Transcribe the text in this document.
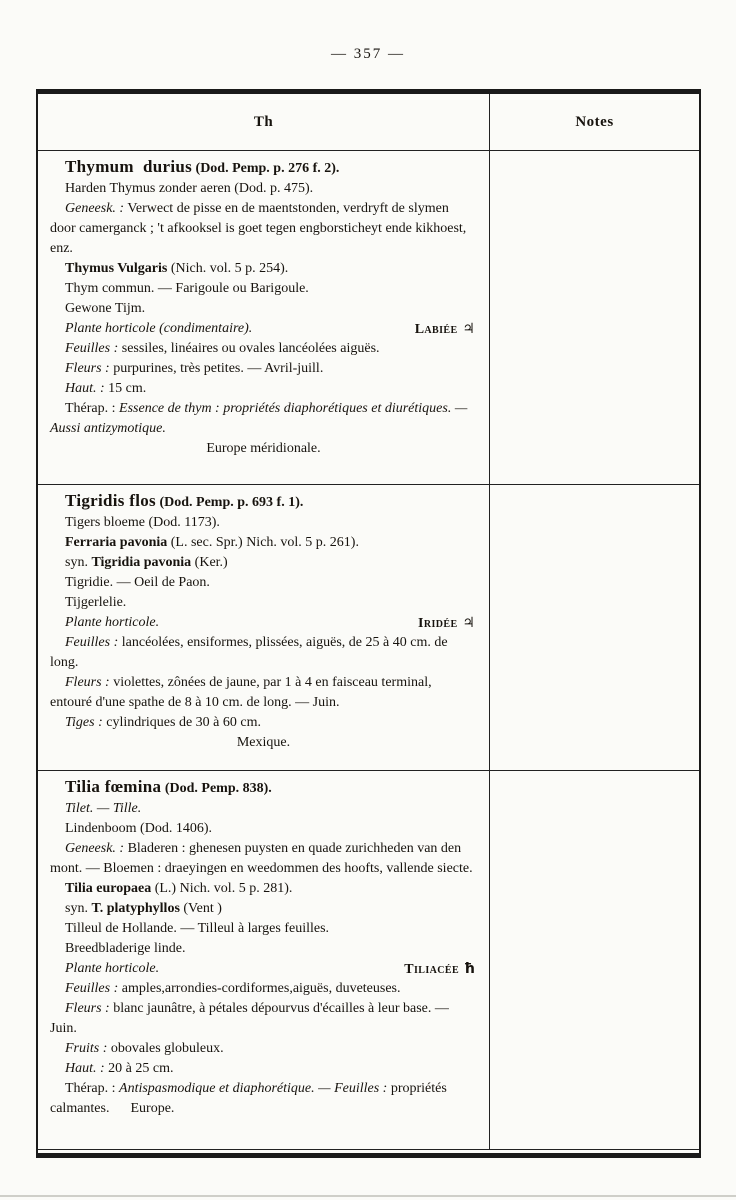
— 357 —
Th	Notes

Thymum  durius (Dod. Pemp. p. 276 f. 2).

Harden Thymus zonder aeren (Dod. p. 475).

Geneesk. : Verwect de pisse en de maentstonden, verdryft de slymen door camerganck ; 't afkooksel is goet tegen engborsticheyt ende kikhoest, enz.

Thymus Vulgaris (Nich. vol. 5 p. 254).

Thym commun. — Farigoule ou Barigoule.

Gewone Tijm.

Plante horticole (condimentaire).	Labiée ♃

Feuilles : sessiles, linéaires ou ovales lancéolées aiguës.

Fleurs : purpurines, très petites. — Avril-juill.

Haut. : 15 cm.

Thérap. : Essence de thym : propriétés diaphorétiques et diurétiques. — Aussi antizymotique.

Europe méridionale.

Tigridis flos (Dod. Pemp. p. 693 f. 1).

Tigers bloeme (Dod. 1173).

Ferraria pavonia (L. sec. Spr.) Nich. vol. 5 p. 261).

syn. Tigridia pavonia (Ker.)

Tigridie. — Oeil de Paon.

Tijgerlelie.

Plante horticole.	Iridée ♃

Feuilles : lancéolées, ensiformes, plissées, aiguës, de 25 à 40 cm. de long.

Fleurs : violettes, zônées de jaune, par 1 à 4 en faisceau terminal, entouré d'une spathe de 8 à 10 cm. de long. — Juin.

Tiges : cylindriques de 30 à 60 cm.

Mexique.

Tilia fœmina (Dod. Pemp. 838).

Tilet. — Tille.

Lindenboom (Dod. 1406).

Geneesk. : Bladeren : ghenesen puysten en quade zurichheden van den mont. — Bloemen : draeyingen en weedommen des hoofts, vallende siecte.

Tilia europaea (L.) Nich. vol. 5 p. 281).

syn. T. platyphyllos (Vent )

Tilleul de Hollande. — Tilleul à larges feuilles.

Breedbladerige linde.

Plante horticole.	Tiliacée ħ

Feuilles : amples,arrondies-cordiformes,aiguës, duveteuses.

Fleurs : blanc jaunâtre, à pétales dépourvus d'écailles à leur base. — Juin.

Fruits : obovales globuleux.

Haut. : 20 à 25 cm.

Thérap. : Antispasmodique et diaphorétique. — Feuilles : propriétés calmantes.      Europe.
